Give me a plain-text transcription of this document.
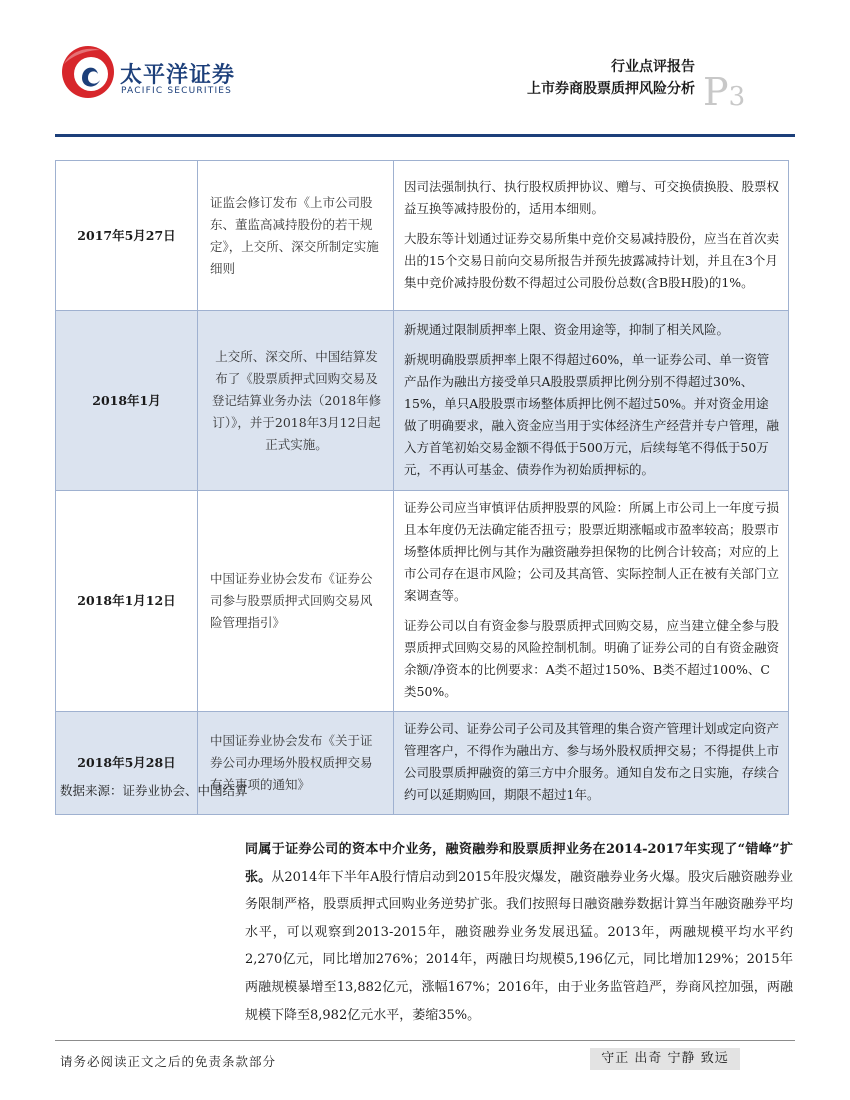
太平洋证券
PACIFIC SECURITIES
行业点评报告
上市券商股票质押风险分析 P3
2017年5月27日	证监会修订发布《上市公司股东、董监高减持股份的若干规定》，上交所、深交所制定实施细则	因司法强制执行、执行股权质押协议、赠与、可交换债换股、股票权益互换等减持股份的，适用本细则。

大股东等计划通过证券交易所集中竞价交易减持股份，应当在首次卖出的15个交易日前向交易所报告并预先披露减持计划，并且在3个月集中竞价减持股份数不得超过公司股份总数(含B股H股)的1%。

2018年1月	上交所、深交所、中国结算发布了《股票质押式回购交易及登记结算业务办法（2018年修订）》，并于2018年3月12日起正式实施。	新规通过限制质押率上限、资金用途等，抑制了相关风险。

新规明确股票质押率上限不得超过60%，单一证券公司、单一资管产品作为融出方接受单只A股股票质押比例分别不得超过30%、15%，单只A股股票市场整体质押比例不超过50%。并对资金用途做了明确要求，融入资金应当用于实体经济生产经营并专户管理，融入方首笔初始交易金额不得低于500万元，后续每笔不得低于50万元，不再认可基金、债券作为初始质押标的。

2018年1月12日	中国证券业协会发布《证券公司参与股票质押式回购交易风险管理指引》	证券公司应当审慎评估质押股票的风险：所属上市公司上一年度亏损且本年度仍无法确定能否扭亏；股票近期涨幅或市盈率较高；股票市场整体质押比例与其作为融资融券担保物的比例合计较高；对应的上市公司存在退市风险；公司及其高管、实际控制人正在被有关部门立案调查等。

证券公司以自有资金参与股票质押式回购交易，应当建立健全参与股票质押式回购交易的风险控制机制。明确了证券公司的自有资金融资余额/净资本的比例要求：A类不超过150%、B类不超过100%、C类50%。

2018年5月28日	中国证券业协会发布《关于证券公司办理场外股权质押交易有关事项的通知》	证券公司、证券公司子公司及其管理的集合资产管理计划或定向资产管理客户，不得作为融出方、参与场外股权质押交易；不得提供上市公司股票质押融资的第三方中介服务。通知自发布之日实施，存续合约可以延期购回，期限不超过1年。

数据来源：证券业协会、中国结算
同属于证券公司的资本中介业务，融资融券和股票质押业务在2014-2017年实现了“错峰”扩张。从2014年下半年A股行情启动到2015年股灾爆发，融资融券业务火爆。股灾后融资融券业务限制严格，股票质押式回购业务逆势扩张。我们按照每日融资融券数据计算当年融资融券平均水平，可以观察到2013-2015年，融资融券业务发展迅猛。2013年，两融规模平均水平约2,270亿元，同比增加276%；2014年，两融日均规模5,196亿元，同比增加129%；2015年两融规模暴增至13,882亿元，涨幅167%；2016年，由于业务监管趋严，券商风控加强，两融规模下降至8,982亿元水平，萎缩35%。
请务必阅读正文之后的免责条款部分	守正 出奇 宁静 致远
